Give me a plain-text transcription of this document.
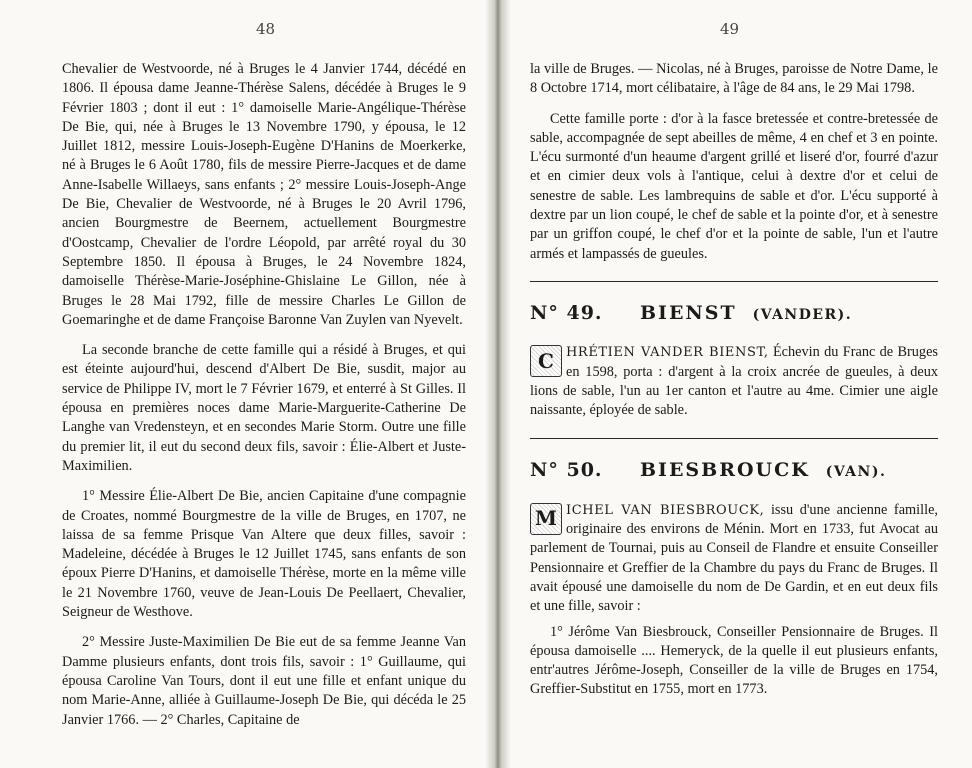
48

Chevalier de Westvoorde, né à Bruges le 4 Janvier 1744, décédé en 1806. Il épousa dame Jeanne-Thérèse Salens, décédée à Bruges le 9 Février 1803 ; dont il eut : 1° damoiselle Marie-Angélique-Thérèse De Bie, qui, née à Bruges le 13 Novembre 1790, y épousa, le 12 Juillet 1812, messire Louis-Joseph-Eugène D'Hanins de Moerkerke, né à Bruges le 6 Août 1780, fils de messire Pierre-Jacques et de dame Anne-Isabelle Willaeys, sans enfants ; 2° messire Louis-Joseph-Ange De Bie, Chevalier de Westvoorde, né à Bruges le 20 Avril 1796, ancien Bourgmestre de Beernem, actuellement Bourgmestre d'Oostcamp, Chevalier de l'ordre Léopold, par arrêté royal du 30 Septembre 1850. Il épousa à Bruges, le 24 Novembre 1824, damoiselle Thérèse-Marie-Joséphine-Ghislaine Le Gillon, née à Bruges le 28 Mai 1792, fille de messire Charles Le Gillon de Goemaringhe et de dame Françoise Baronne Van Zuylen van Nyevelt.

La seconde branche de cette famille qui a résidé à Bruges, et qui est éteinte aujourd'hui, descend d'Albert De Bie, susdit, major au service de Philippe IV, mort le 7 Février 1679, et enterré à St Gilles. Il épousa en premières noces dame Marie-Marguerite-Catherine De Langhe van Vredensteyn, et en secondes Marie Storm. Outre une fille du premier lit, il eut du second deux fils, savoir : Élie-Albert et Juste-Maximilien.

1° Messire Élie-Albert De Bie, ancien Capitaine d'une compagnie de Croates, nommé Bourgmestre de la ville de Bruges, en 1707, ne laissa de sa femme Prisque Van Altere que deux filles, savoir : Madeleine, décédée à Bruges le 12 Juillet 1745, sans enfants de son époux Pierre D'Hanins, et damoiselle Thérèse, morte en la même ville le 21 Novembre 1760, veuve de Jean-Louis De Peellaert, Chevalier, Seigneur de Westhove.

2° Messire Juste-Maximilien De Bie eut de sa femme Jeanne Van Damme plusieurs enfants, dont trois fils, savoir : 1° Guillaume, qui épousa Caroline Van Tours, dont il eut une fille et enfant unique du nom Marie-Anne, alliée à Guillaume-Joseph De Bie, qui décéda le 25 Janvier 1766. — 2° Charles, Capitaine de

49

la ville de Bruges. — Nicolas, né à Bruges, paroisse de Notre Dame, le 8 Octobre 1714, mort célibataire, à l'âge de 84 ans, le 29 Mai 1798.

Cette famille porte : d'or à la fasce bretessée et contre-bretessée de sable, accompagnée de sept abeilles de même, 4 en chef et 3 en pointe. L'écu surmonté d'un heaume d'argent grillé et liseré d'or, fourré d'azur et en cimier deux vols à l'antique, celui à dextre d'or et celui de senestre de sable. Les lambrequins de sable et d'or. L'écu supporté à dextre par un lion coupé, le chef de sable et la pointe d'or, et à senestre par un griffon coupé, le chef d'or et la pointe de sable, l'un et l'autre armés et lampassés de gueules.

N° 49.	BIENST (VANDER).

C HRÉTIEN VANDER BIENST, Échevin du Franc de Bruges en 1598, porta : d'argent à la croix ancrée de gueules, à deux lions de sable, l'un au 1er canton et l'autre au 4me. Cimier une aigle naissante, éployée de sable.

N° 50.	BIESBROUCK (VAN).

M ICHEL VAN BIESBROUCK, issu d'une ancienne famille, originaire des environs de Ménin. Mort en 1733, fut Avocat au parlement de Tournai, puis au Conseil de Flandre et ensuite Conseiller Pensionnaire et Greffier de la Chambre du pays du Franc de Bruges. Il avait épousé une damoiselle du nom de De Gardin, et en eut deux fils et une fille, savoir :

1° Jérôme Van Biesbrouck, Conseiller Pensionnaire de Bruges. Il épousa damoiselle .... Hemeryck, de la quelle il eut plusieurs enfants, entr'autres Jérôme-Joseph, Conseiller de la ville de Bruges en 1754, Greffier-Substitut en 1755, mort en 1773.
